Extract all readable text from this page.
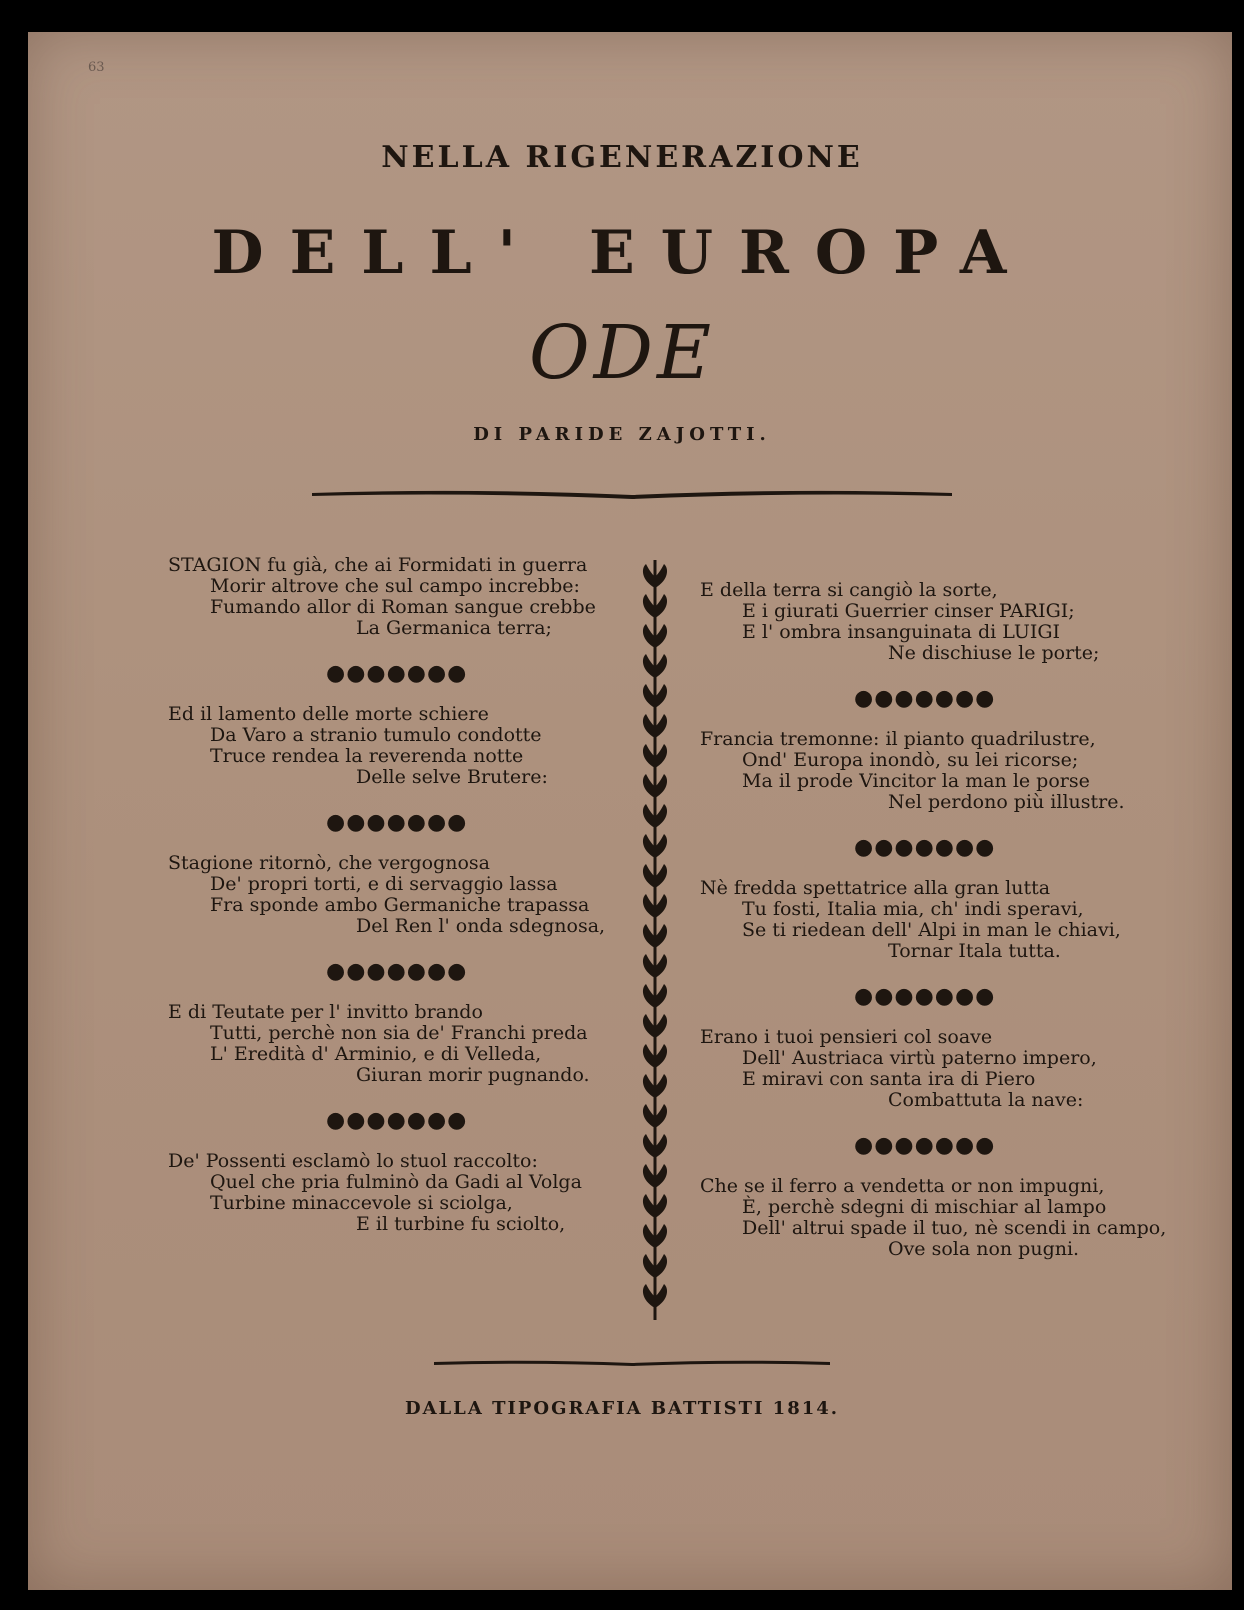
63
NELLA RIGENERAZIONE
DELL' EUROPA
ODE
DI PARIDE ZAJOTTI.
STAGION fu già, che ai Formidati in guerra
Morir altrove che sul campo increbbe:
Fumando allor di Roman sangue crebbe
La Germanica terra;
●●●●●●●
Ed il lamento delle morte schiere
Da Varo a stranio tumulo condotte
Truce rendea la reverenda notte
Delle selve Brutere:
●●●●●●●
Stagione ritornò, che vergognosa
De' propri torti, e di servaggio lassa
Fra sponde ambo Germaniche trapassa
Del Ren l' onda sdegnosa,
●●●●●●●
E di Teutate per l' invitto brando
Tutti, perchè non sia de' Franchi preda
L' Eredità d' Arminio, e di Velleda,
Giuran morir pugnando.
●●●●●●●
De' Possenti esclamò lo stuol raccolto:
Quel che pria fulminò da Gadi al Volga
Turbine minaccevole si sciolga,
E il turbine fu sciolto,
E della terra si cangiò la sorte,
E i giurati Guerrier cinser PARIGI;
E l' ombra insanguinata di LUIGI
Ne dischiuse le porte;
●●●●●●●
Francia tremonne: il pianto quadrilustre,
Ond' Europa inondò, su lei ricorse;
Ma il prode Vincitor la man le porse
Nel perdono più illustre.
●●●●●●●
Nè fredda spettatrice alla gran lutta
Tu fosti, Italia mia, ch' indi speravi,
Se ti riedean dell' Alpi in man le chiavi,
Tornar Itala tutta.
●●●●●●●
Erano i tuoi pensieri col soave
Dell' Austriaca virtù paterno impero,
E miravi con santa ira di Piero
Combattuta la nave:
●●●●●●●
Che se il ferro a vendetta or non impugni,
È, perchè sdegni di mischiar al lampo
Dell' altrui spade il tuo, nè scendi in campo,
Ove sola non pugni.
DALLA TIPOGRAFIA BATTISTI 1814.
